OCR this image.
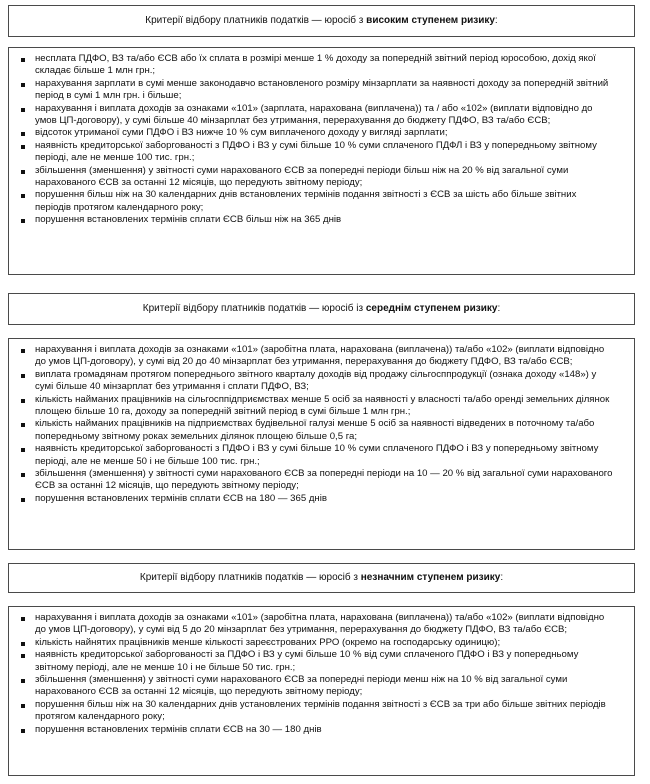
Критерії відбору платників податків — юросіб з високим ступенем ризику:
несплата ПДФО, ВЗ та/або ЄСВ або їх сплата в розмірі менше 1 % доходу за попередній звітний період юрособою, дохід якої складає більше 1 млн грн.;
нарахування зарплати в сумі менше законодавчо встановленого розміру мінзарплати за наявності доходу за попередній звітний період в сумі 1 млн грн. і більше;
нарахування і виплата доходів за ознаками «101» (зарплата, нарахована (виплачена)) та / або «102» (виплати відповідно до умов ЦП-договору), у сумі більше 40 мінзарплат без утримання, перерахування до бюджету ПДФО, ВЗ та/або ЄСВ;
відсоток утриманої суми ПДФО і ВЗ нижче 10 % сум виплаченого доходу у вигляді зарплати;
наявність кредиторської заборгованості з ПДФО і ВЗ у сумі більше 10 % суми сплаченого ПДФЛ і ВЗ у попередньому звітному періоді, але не менше 100 тис. грн.;
збільшення (зменшення) у звітності суми нарахованого ЄСВ за попередні періоди більш ніж на 20 % від загальної суми нарахованого ЄСВ за останні 12 місяців, що передують звітному періоду;
порушення більш ніж на 30 календарних днів встановлених термінів подання звітності з ЄСВ за шість або більше звітних періодів протягом календарного року;
порушення встановлених термінів сплати ЄСВ більш ніж на 365 днів
Критерії відбору платників податків — юросіб із середнім ступенем ризику:
нарахування і виплата доходів за ознаками «101» (заробітна плата, нарахована (виплачена)) та/або «102» (виплати відповідно до умов ЦП-договору), у сумі від 20 до 40 мінзарплат без утримання, перерахування до бюджету ПДФО, ВЗ та/або ЄСВ;
виплата громадянам протягом попереднього звітного кварталу доходів від продажу сільгосппродукції (ознака доходу «148») у сумі більше 40 мінзарплат без утримання і сплати ПДФО, ВЗ;
кількість найманих працівників на сільгосппідприємствах менше 5 осіб за наявності у власності та/або оренді земельних ділянок площею більше 10 га, доходу за попередній звітний період в сумі більше 1 млн грн.;
кількість найманих працівників на підприємствах будівельної галузі менше 5 осіб за наявності відведених в поточному та/або попередньому звітному роках земельних ділянок площею більше 0,5 га;
наявність кредиторської заборгованості з ПДФО і ВЗ у сумі більше 10 % суми сплаченого ПДФО і ВЗ у попередньому звітному періоді, але не менше 50 і не більше 100 тис. грн.;
збільшення (зменшення) у звітності суми нарахованого ЄСВ за попередні періоди на 10 — 20 % від загальної суми нарахованого ЄСВ за останні 12 місяців, що передують звітному періоду;
порушення встановлених термінів сплати ЄСВ на 180 — 365 днів
Критерії відбору платників податків — юросіб з незначним ступенем ризику:
нарахування і виплата доходів за ознаками «101» (заробітна плата, нарахована (виплачена)) та/або «102» (виплати відповідно до умов ЦП-договору), у сумі від 5 до 20 мінзарплат без утримання, перерахування до бюджету ПДФО, ВЗ та/або ЄСВ;
кількість найнятих працівників менше кількості зареєстрованих РРО (окремо на господарську одиницю);
наявність кредиторської заборгованості за ПДФО і ВЗ у сумі більше 10 % від суми сплаченого ПДФО і ВЗ у попередньому звітному періоді, але не менше 10 і не більше 50 тис. грн.;
збільшення (зменшення) у звітності суми нарахованого ЄСВ за попередні періоди менш ніж на 10 % від загальної суми нарахованого ЄСВ за останні 12 місяців, що передують звітному періоду;
порушення більш ніж на 30 календарних днів установлених термінів подання звітності з ЄСВ за три або більше звітних періодів протягом календарного року;
порушення встановлених термінів сплати ЄСВ на 30 — 180 днів
